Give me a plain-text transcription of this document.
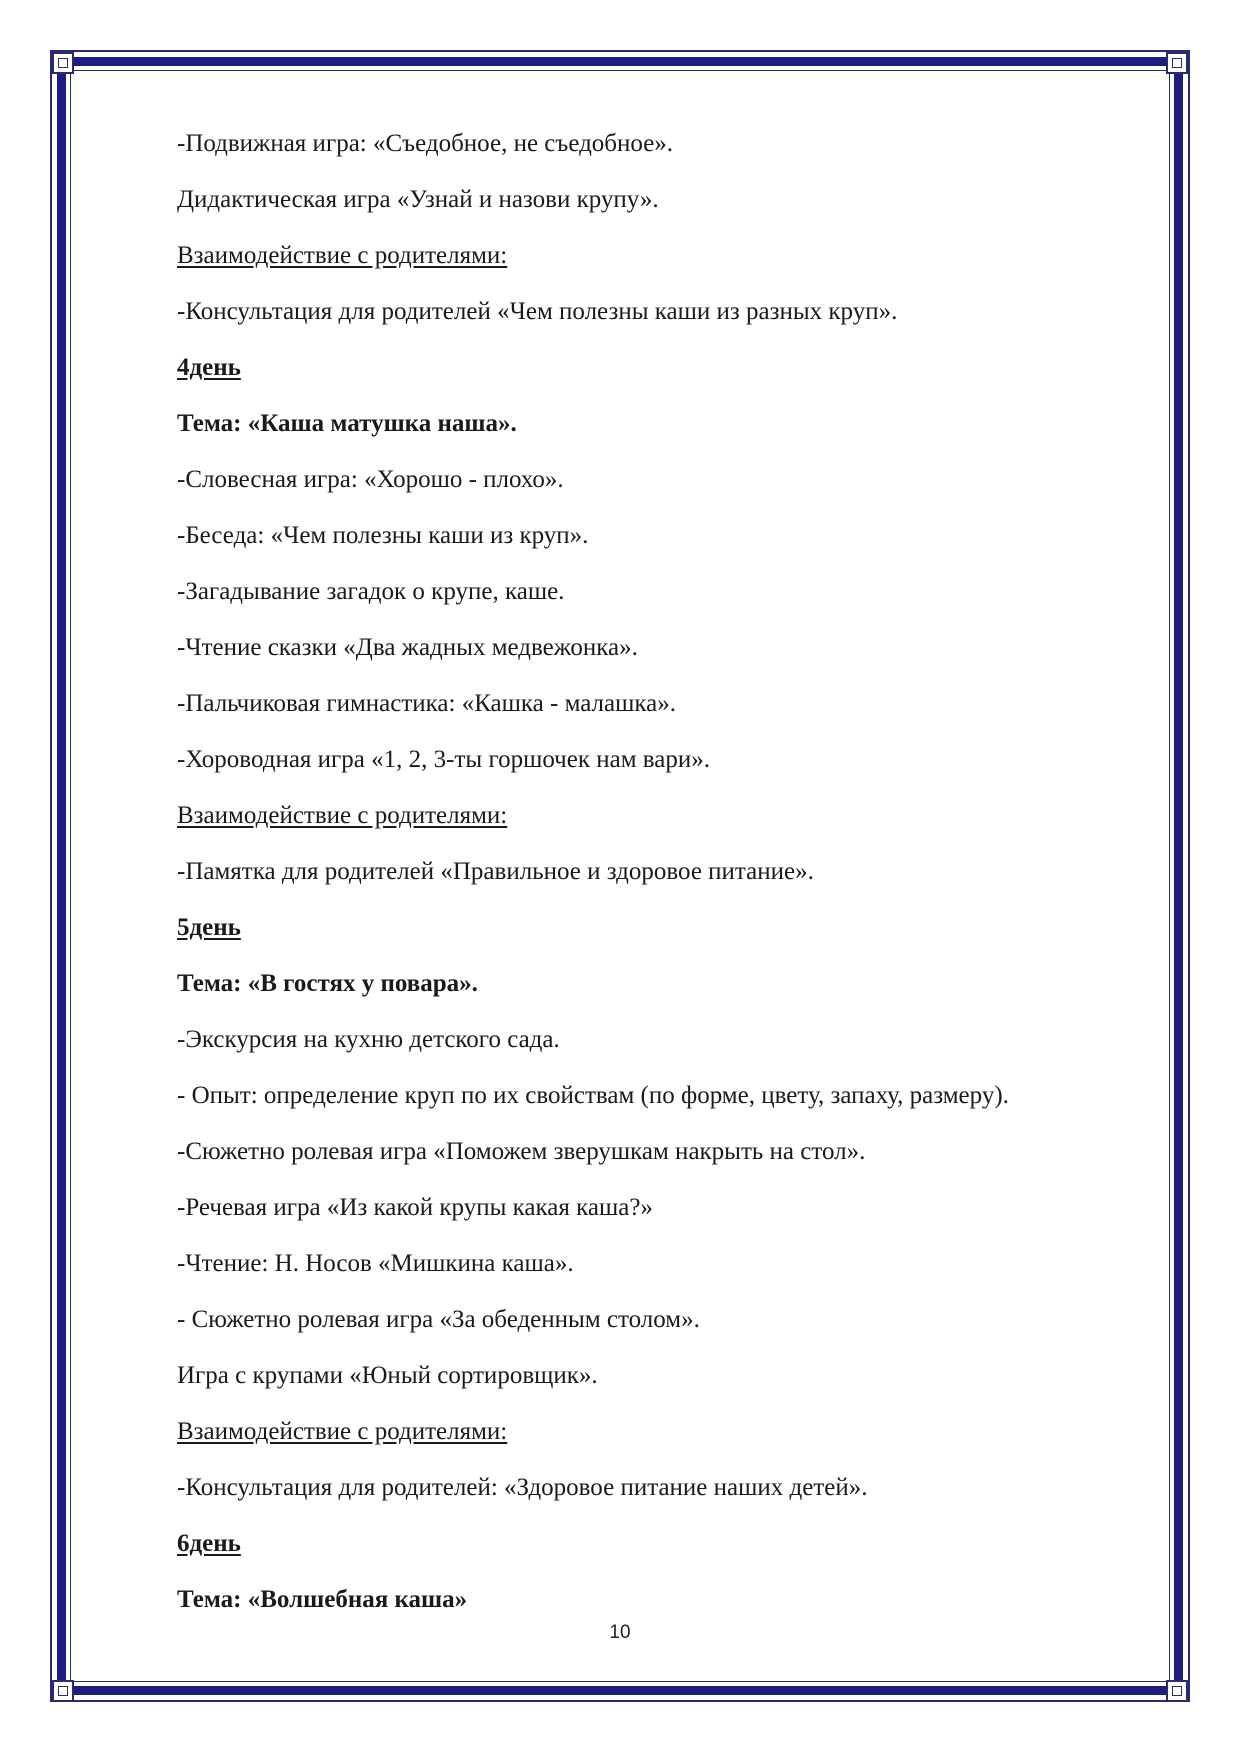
-Подвижная игра: «Съедобное, не съедобное».
Дидактическая игра «Узнай и назови крупу».
Взаимодействие с родителями:
-Консультация для родителей «Чем полезны каши из разных круп».
4день
Тема: «Каша матушка наша».
-Словесная игра: «Хорошо - плохо».
-Беседа: «Чем полезны каши из круп».
-Загадывание загадок о крупе, каше.
-Чтение сказки «Два жадных медвежонка».
-Пальчиковая гимнастика: «Кашка - малашка».
-Хороводная игра «1, 2, 3-ты горшочек нам вари».
Взаимодействие с родителями:
-Памятка для родителей «Правильное и здоровое питание».
5день
Тема: «В гостях у повара».
-Экскурсия на кухню детского сада.
- Опыт: определение круп по их свойствам (по форме, цвету, запаху, размеру).
-Сюжетно ролевая игра «Поможем зверушкам накрыть на стол».
-Речевая игра «Из какой крупы какая каша?»
-Чтение: Н. Носов «Мишкина каша».
- Сюжетно ролевая игра «За обеденным столом».
Игра с крупами «Юный сортировщик».
Взаимодействие с родителями:
-Консультация для родителей: «Здоровое питание наших детей».
6день
Тема: «Волшебная каша»
10
